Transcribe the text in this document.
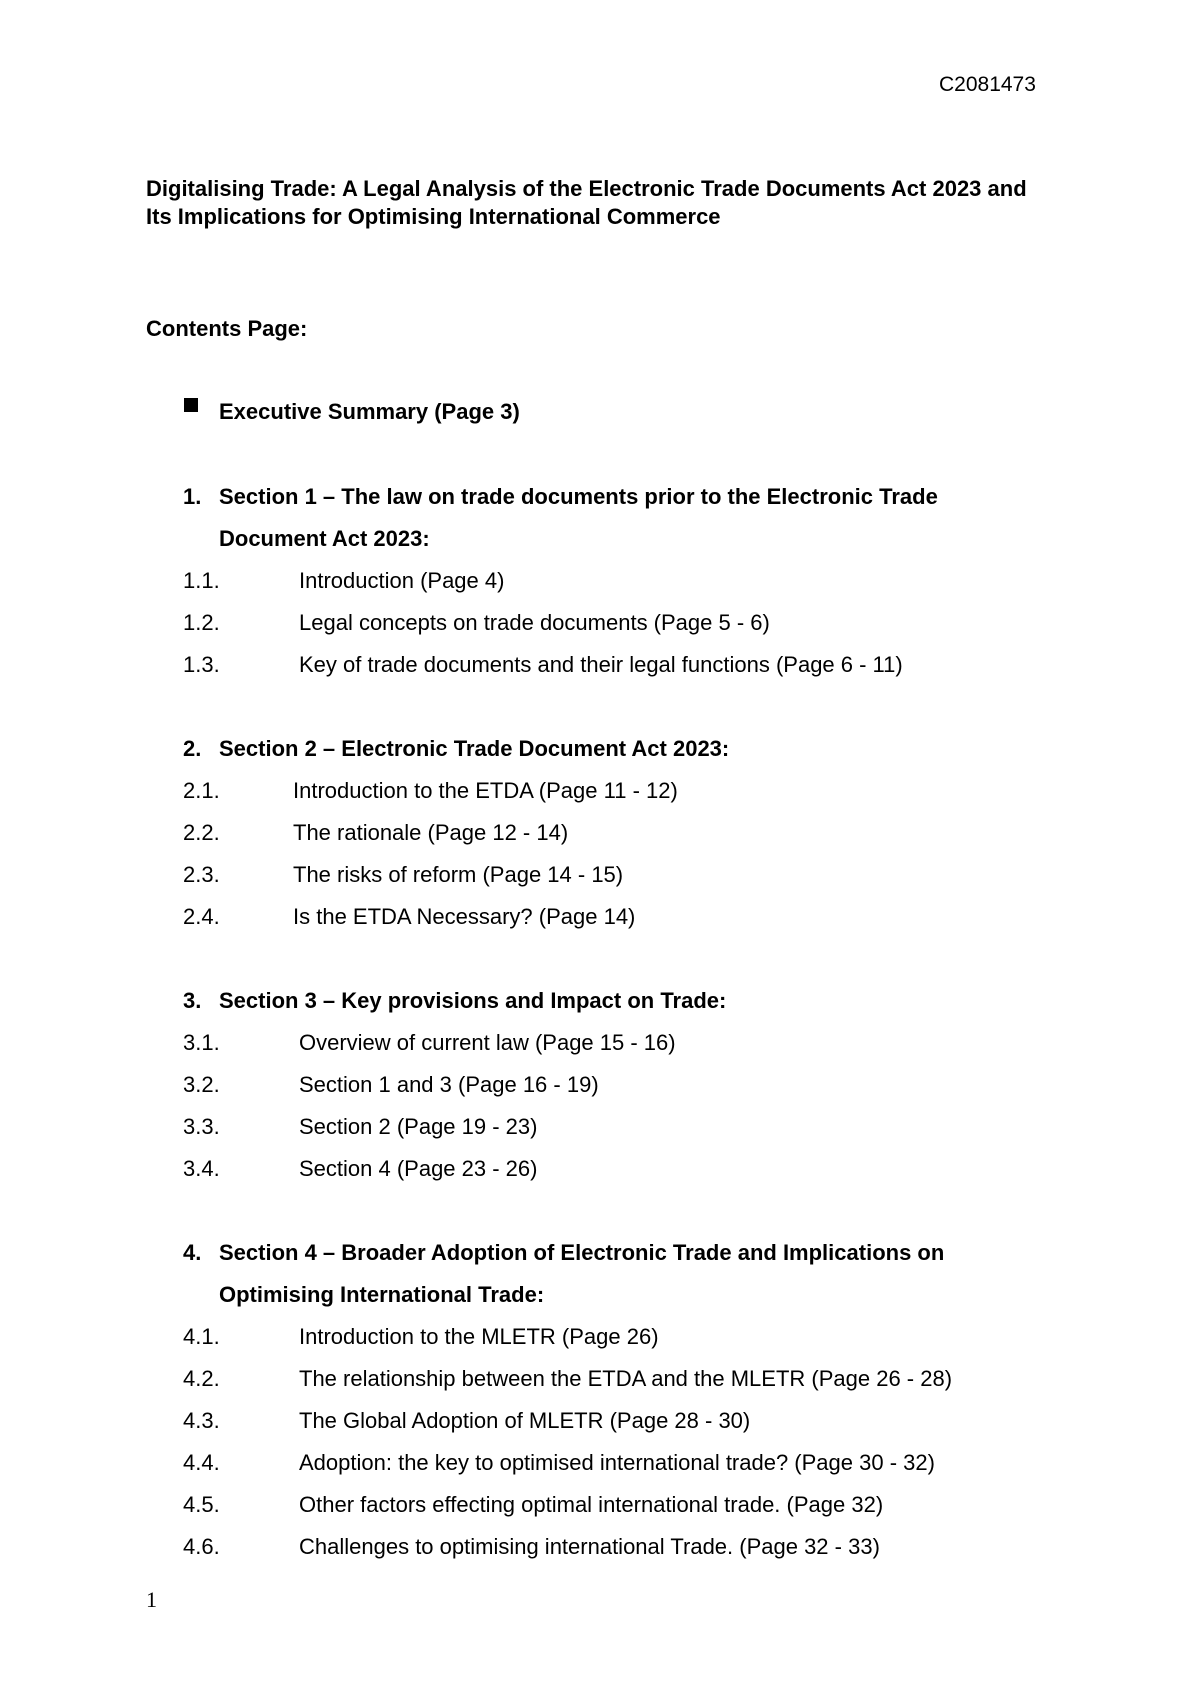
C2081473
Digitalising Trade: A Legal Analysis of the Electronic Trade Documents Act 2023 and Its Implications for Optimising International Commerce
Contents Page:
Executive Summary (Page 3)
1. Section 1 – The law on trade documents prior to the Electronic Trade
Document Act 2023:
1.1.	Introduction (Page 4)
1.2.	Legal concepts on trade documents (Page 5 - 6)
1.3.	Key of trade documents and their legal functions (Page 6 - 11)
2. Section 2 – Electronic Trade Document Act 2023:
2.1.	Introduction to the ETDA (Page 11 - 12)
2.2.	The rationale (Page 12 - 14)
2.3.	The risks of reform (Page 14 - 15)
2.4.	Is the ETDA Necessary? (Page 14)
3. Section 3 – Key provisions and Impact on Trade:
3.1.	Overview of current law (Page 15 - 16)
3.2.	Section 1 and 3 (Page 16 - 19)
3.3.	Section 2 (Page 19 - 23)
3.4.	Section 4 (Page 23 - 26)
4. Section 4 – Broader Adoption of Electronic Trade and Implications on
Optimising International Trade:
4.1.	Introduction to the MLETR (Page 26)
4.2.	The relationship between the ETDA and the MLETR (Page 26 - 28)
4.3.	The Global Adoption of MLETR (Page 28 - 30)
4.4.	Adoption: the key to optimised international trade? (Page 30 - 32)
4.5.	Other factors effecting optimal international trade. (Page 32)
4.6.	Challenges to optimising international Trade. (Page 32 - 33)
1
